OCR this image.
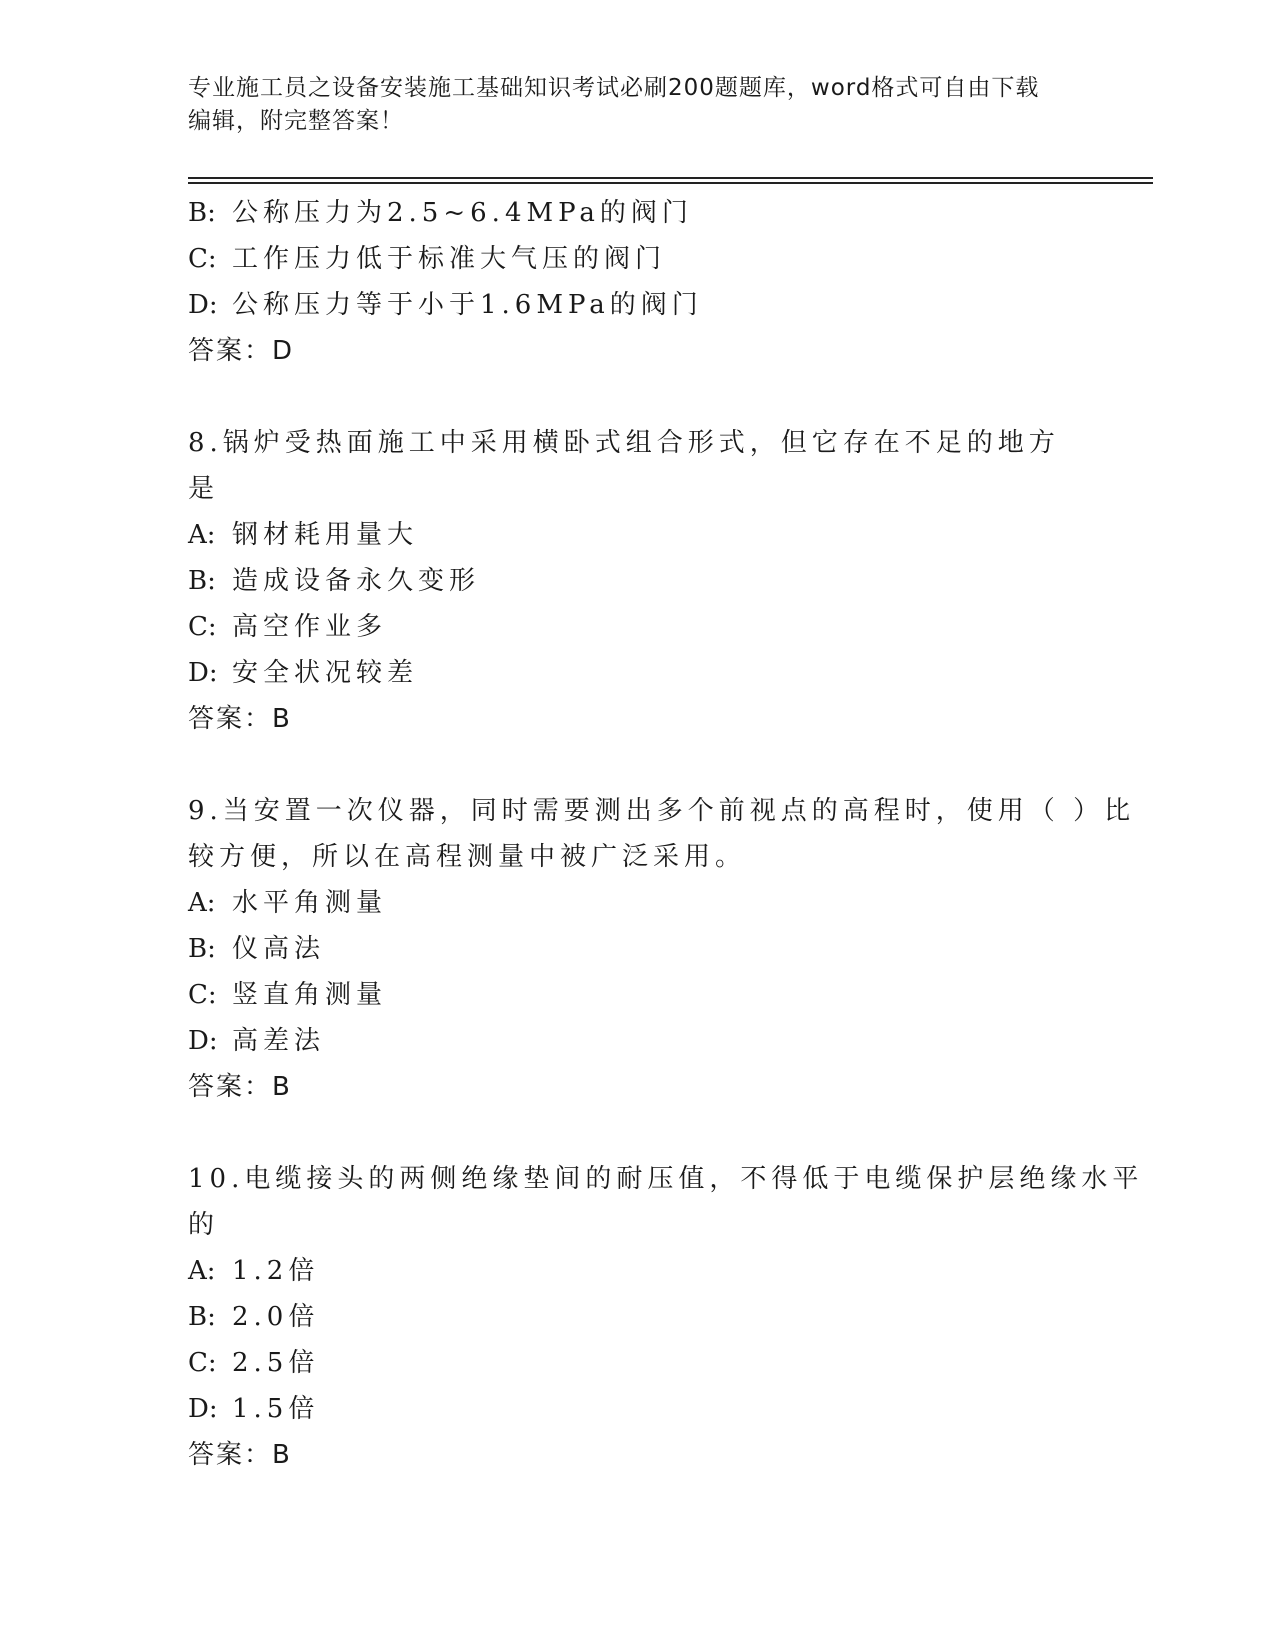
专业施工员之设备安装施工基础知识考试必刷200题题库，word格式可自由下载
编辑，附完整答案！
B: 公称压力为2.5~6.4MPa的阀门
C: 工作压力低于标准大气压的阀门
D: 公称压力等于小于1.6MPa的阀门
答案：D
8.锅炉受热面施工中采用横卧式组合形式，但它存在不足的地方是
A: 钢材耗用量大
B: 造成设备永久变形
C: 高空作业多
D: 安全状况较差
答案：B
9.当安置一次仪器，同时需要测出多个前视点的高程时，使用（ ）比
较方便，所以在高程测量中被广泛采用。
A: 水平角测量
B: 仪高法
C: 竖直角测量
D: 高差法
答案：B
10.电缆接头的两侧绝缘垫间的耐压值，不得低于电缆保护层绝缘水平
的
A: 1.2倍
B: 2.0倍
C: 2.5倍
D: 1.5倍
答案：B
